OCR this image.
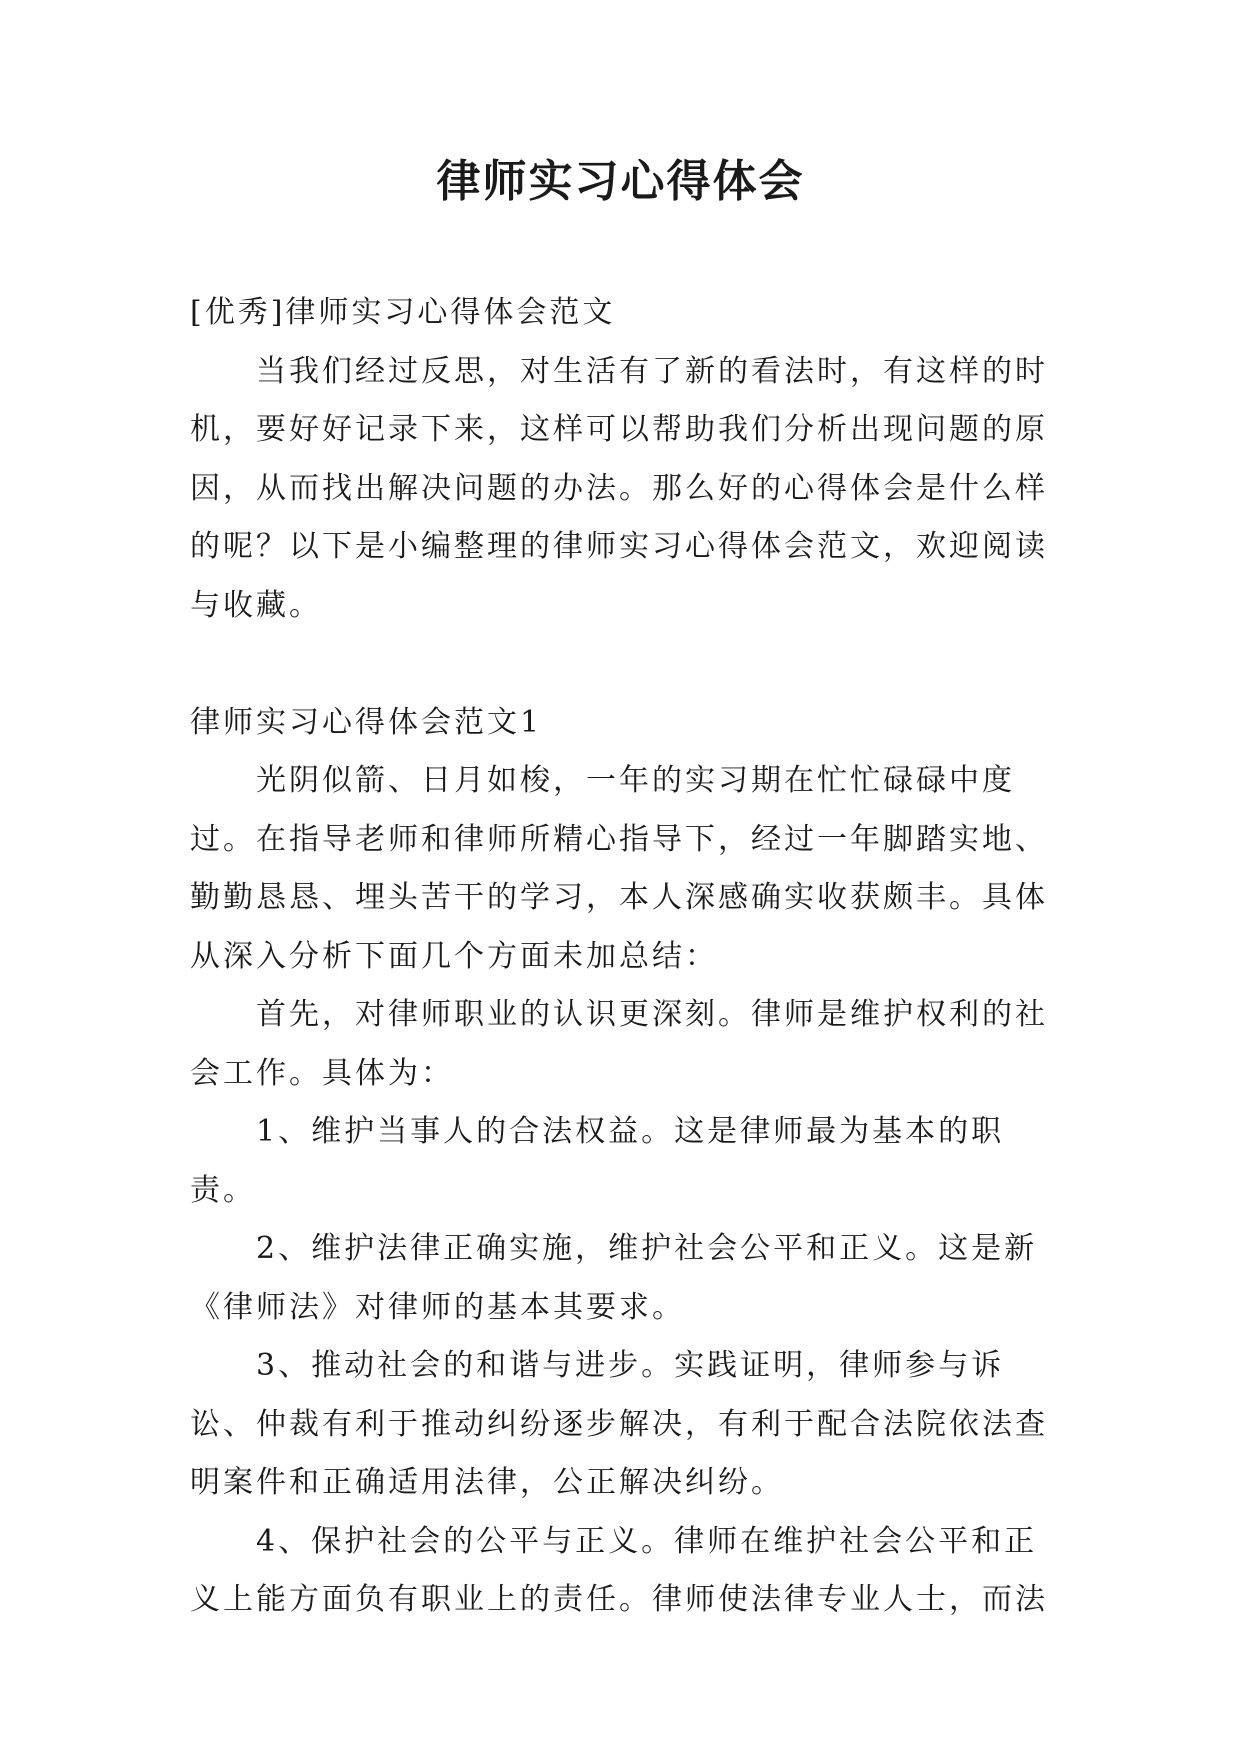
律师实习心得体会

[优秀]律师实习心得体会范文

当我们经过反思，对生活有了新的看法时，有这样的时机，要好好记录下来，这样可以帮助我们分析出现问题的原因，从而找出解决问题的办法。那么好的心得体会是什么样的呢？以下是小编整理的律师实习心得体会范文，欢迎阅读与收藏。

律师实习心得体会范文1

光阴似箭、日月如梭，一年的实习期在忙忙碌碌中度过。在指导老师和律师所精心指导下，经过一年脚踏实地、勤勤恳恳、埋头苦干的学习，本人深感确实收获颇丰。具体从深入分析下面几个方面未加总结：

首先，对律师职业的认识更深刻。律师是维护权利的社会工作。具体为：

1、维护当事人的合法权益。这是律师最为基本的职责。

2、维护法律正确实施，维护社会公平和正义。这是新《律师法》对律师的基本其要求。

3、推动社会的和谐与进步。实践证明，律师参与诉讼、仲裁有利于推动纠纷逐步解决，有利于配合法院依法查明案件和正确适用法律，公正解决纠纷。

4、保护社会的公平与正义。律师在维护社会公平和正义上能方面负有职业上的责任。律师使法律专业人士，而法
